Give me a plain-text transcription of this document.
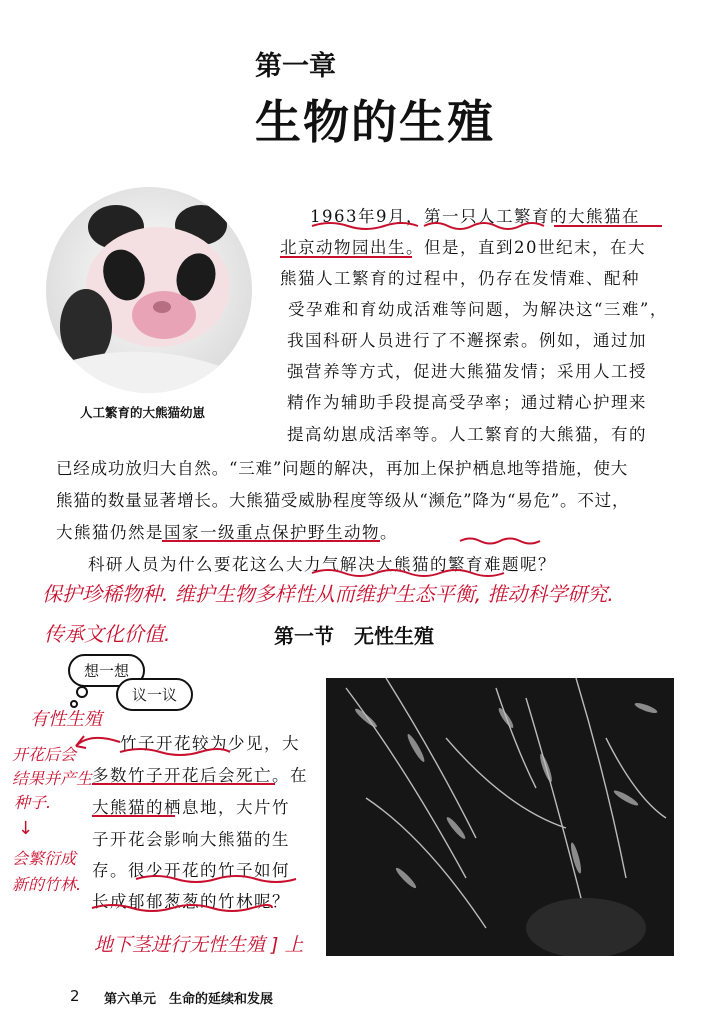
第一章
生物的生殖
人工繁育的大熊猫幼崽
1963年9月，第一只人工繁育的大熊猫在
北京动物园出生。但是，直到20世纪末，在大
熊猫人工繁育的过程中，仍存在发情难、配种
受孕难和育幼成活难等问题，为解决这“三难”，
我国科研人员进行了不邂探索。例如，通过加
强营养等方式，促进大熊猫发情；采用人工授
精作为辅助手段提高受孕率；通过精心护理来
提高幼崽成活率等。人工繁育的大熊猫，有的
已经成功放归大自然。“三难”问题的解决，再加上保护栖息地等措施，使大
熊猫的数量显著增长。大熊猫受威胁程度等级从“濒危”降为“易危”。不过，
大熊猫仍然是国家一级重点保护野生动物。
科研人员为什么要花这么大力气解决大熊猫的繁育难题呢？
保护珍稀物种. 维护生物多样性从而维护生态平衡, 推动科学研究.
传承文化价值.	第一节　无性生殖
想一想
议一议
有性生殖
开花后会
结果并产生
种子.
↓
会繁衍成
新的竹林.
竹子开花较为少见，大
多数竹子开花后会死亡。在
大熊猫的栖息地，大片竹
子开花会影响大熊猫的生
存。很少开花的竹子如何
长成郁郁葱葱的竹林呢？
地下茎进行无性生殖 ] 上
2 第六单元　生命的延续和发展
